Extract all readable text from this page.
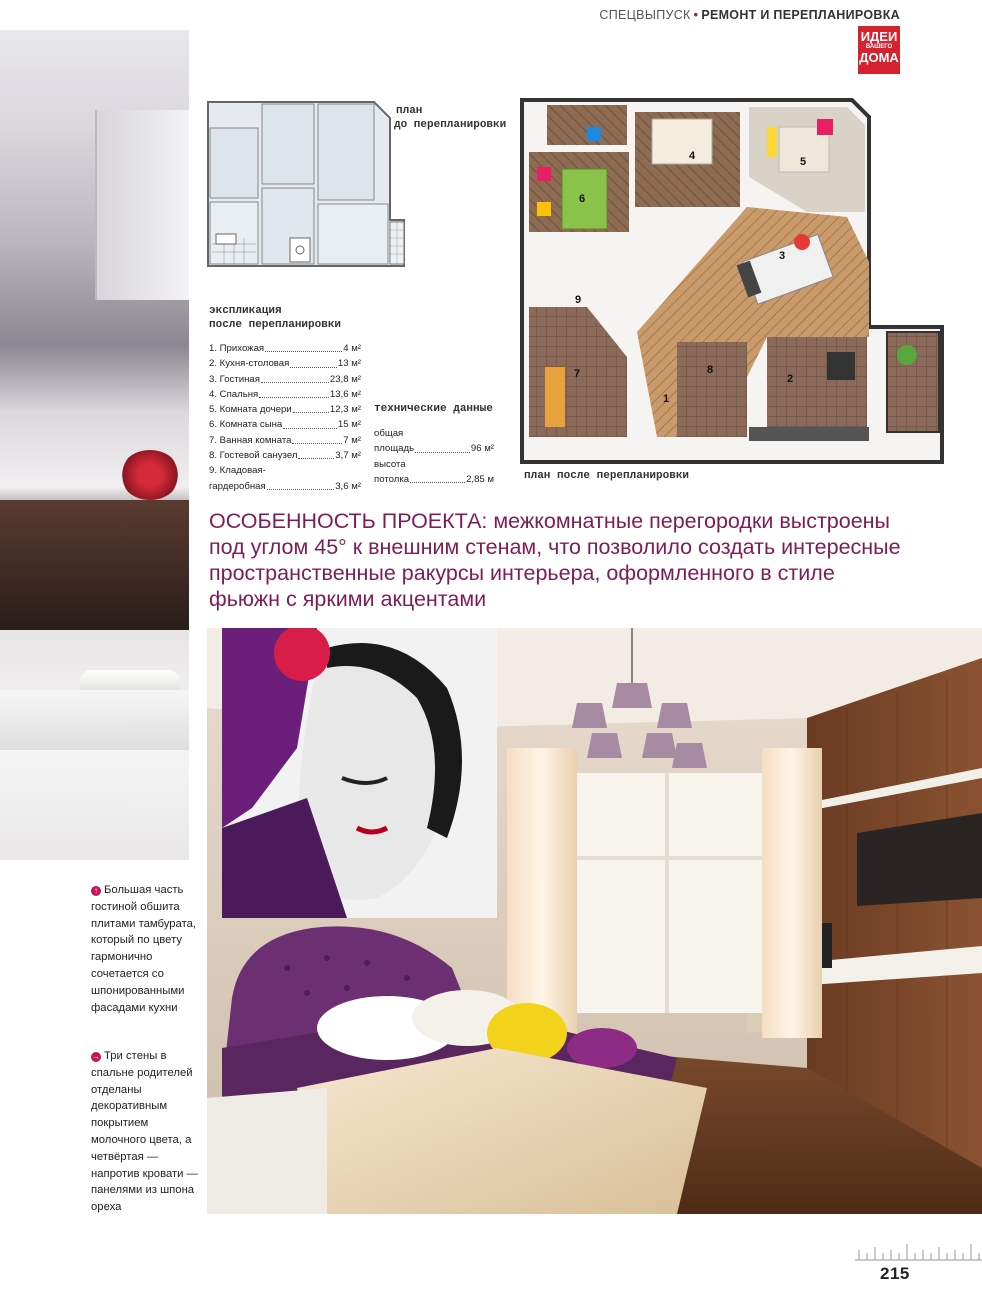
СПЕЦВЫПУСК • РЕМОНТ И ПЕРЕПЛАНИРОВКА
ИДЕИ
ВАШЕГО
ДОМА
план
до перепланировки
экспликация
после перепланировки
1. Прихожая	4 м²
2. Кухня-столовая	13 м²
3. Гостиная	23,8 м²
4. Спальня	13,6 м²
5. Комната дочери	12,3 м²
6. Комната сына	15 м²
7. Ванная комната	7 м²
8. Гостевой санузел	3,7 м²
9. Кладовая-
гардеробная	3,6 м²
технические данные
общая
площадь	96 м²
высота
потолка	2,85 м
1
2
3
4	5
6
7	8
9
план после перепланировки

ОСОБЕННОСТЬ ПРОЕКТА: межкомнатные перегородки выстроены под углом 45° к внешним стенам, что позволило создать интересные пространственные ракурсы интерьера, оформленного в стиле фьюжн с яркими акцентами

↑ Большая часть гостиной обшита плитами тамбурата, который по цвету гармонично сочетается со шпонированными фасадами кухни
→ Три стены в спальне родителей отделаны декоративным покрытием молочного цвета, а четвёртая — напротив кровати — панелями из шпона ореха
215
